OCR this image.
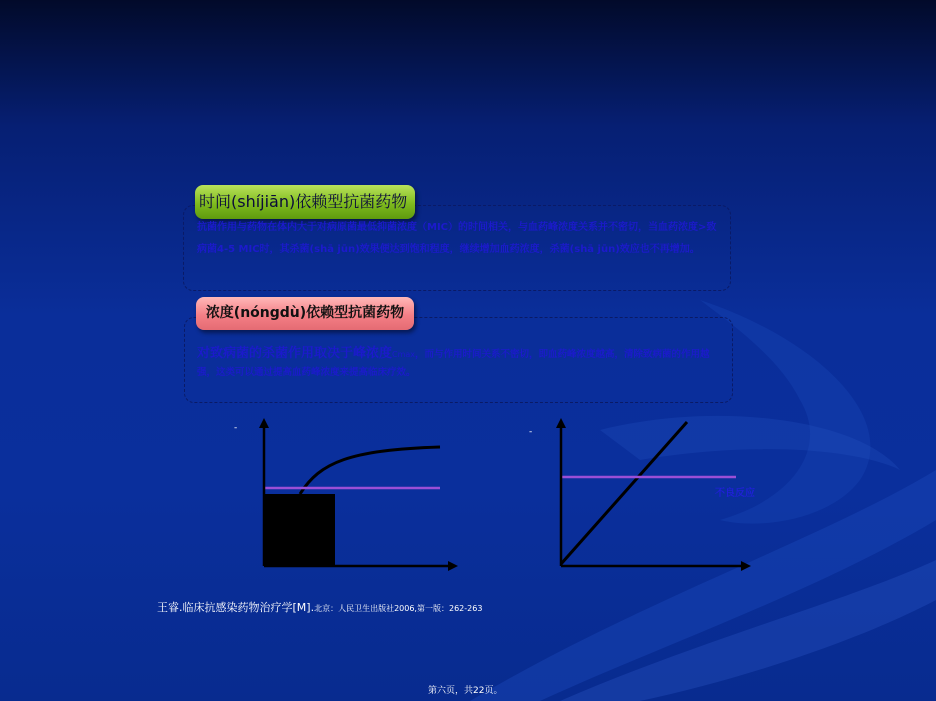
时间(shíjiān)依赖型抗菌药物

抗菌作用与药物在体内大于对病原菌最低抑菌浓度（MIC）的时间相关，与血药峰浓度关系并不密切，当血药浓度>致病菌4-5 MIC时，其杀菌(shā jūn)效果便达到饱和程度，继续增加血药浓度，杀菌(shā jūn)效应也不再增加。

浓度(nóngdù)依赖型抗菌药物

对致病菌的杀菌作用取决于峰浓度Cmax，而与作用时间关系不密切，即血药峰浓度越高，清除致病菌的作用越强，这类可以通过提高血药峰浓度来提高临床疗效。

-	-
不良反应
王睿.临床抗感染药物治疗学[M].北京：人民卫生出版社2006,第一版：262-263
第六页，共22页。
